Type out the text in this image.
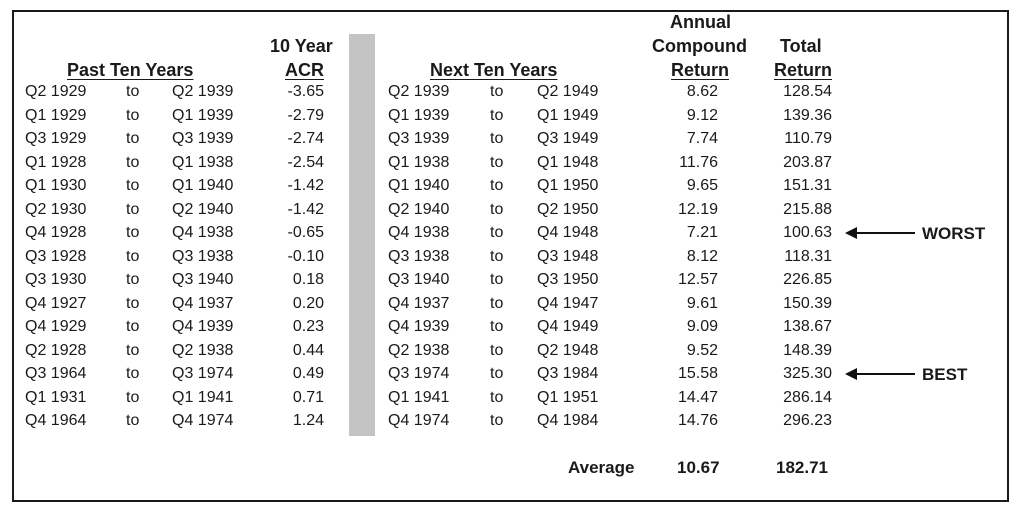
Past Ten Years
10 Year
ACR	Next Ten Years
Annual
Compound
Return
Total
Return
Q2 1929	to	Q2 1939	-3.65	Q2 1939	to	Q2 1949	8.62	128.54
Q1 1929	to	Q1 1939	-2.79	Q1 1939	to	Q1 1949	9.12	139.36
Q3 1929	to	Q3 1939	-2.74	Q3 1939	to	Q3 1949	7.74	110.79
Q1 1928	to	Q1 1938	-2.54	Q1 1938	to	Q1 1948	11.76	203.87
Q1 1930	to	Q1 1940	-1.42	Q1 1940	to	Q1 1950	9.65	151.31
Q2 1930	to	Q2 1940	-1.42	Q2 1940	to	Q2 1950	12.19	215.88
Q4 1928	to	Q4 1938	-0.65	Q4 1938	to	Q4 1948	7.21	100.63
Q3 1928	to	Q3 1938	-0.10	Q3 1938	to	Q3 1948	8.12	118.31
Q3 1930	to	Q3 1940	0.18	Q3 1940	to	Q3 1950	12.57	226.85
Q4 1927	to	Q4 1937	0.20	Q4 1937	to	Q4 1947	9.61	150.39
Q4 1929	to	Q4 1939	0.23	Q4 1939	to	Q4 1949	9.09	138.67
Q2 1928	to	Q2 1938	0.44	Q2 1938	to	Q2 1948	9.52	148.39
Q3 1964	to	Q3 1974	0.49	Q3 1974	to	Q3 1984	15.58	325.30
Q1 1931	to	Q1 1941	0.71	Q1 1941	to	Q1 1951	14.47	286.14
Q4 1964	to	Q4 1974	1.24	Q4 1974	to	Q4 1984	14.76	296.23
Average	10.67	182.71
WORST
BEST
